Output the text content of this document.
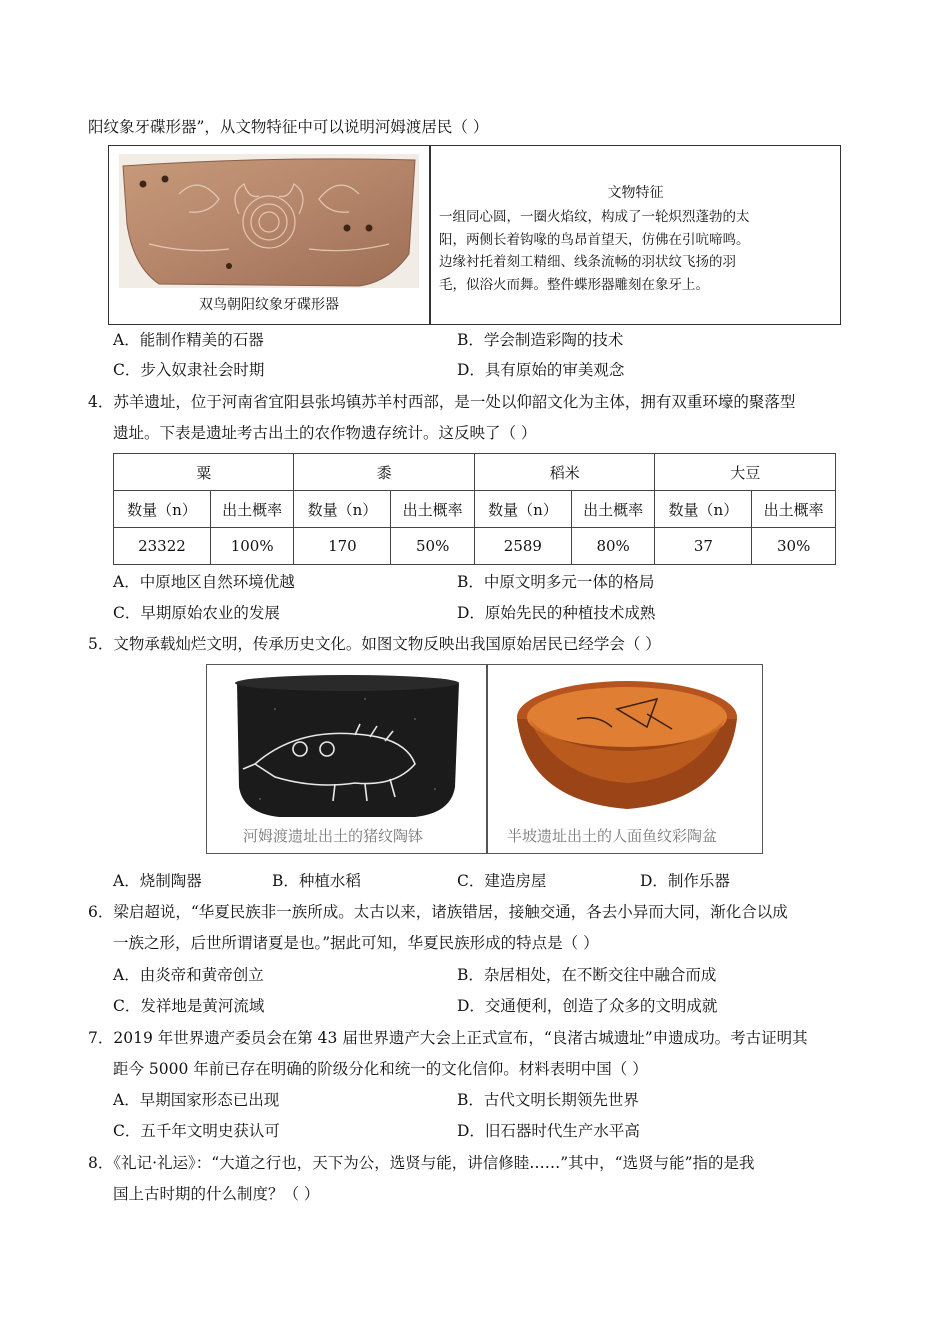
阳纹象牙碟形器”，从文物特征中可以说明河姆渡居民（ ）
双鸟朝阳纹象牙碟形器
文物特征
一组同心圆，一圈火焰纹，构成了一轮炽烈蓬勃的太
阳，两侧长着钩喙的鸟昂首望天，仿佛在引吭啼鸣。
边缘衬托着刻工精细、线条流畅的羽状纹飞扬的羽
毛，似浴火而舞。整件蝶形器雕刻在象牙上。
A．能制作精美的石器	B．学会制造彩陶的技术
C．步入奴隶社会时期	D．具有原始的审美观念
4．苏羊遗址，位于河南省宜阳县张坞镇苏羊村西部，是一处以仰韶文化为主体，拥有双重环壕的聚落型
遗址。下表是遗址考古出土的农作物遗存统计。这反映了（ ）
粟		黍		稻米		大豆	
数量（n）	出土概率	数量（n）	出土概率	数量（n）	出土概率	数量（n）	出土概率
23322	100%	170	50%	2589	80%	37	30%
A．中原地区自然环境优越	B．中原文明多元一体的格局
C．早期原始农业的发展	D．原始先民的种植技术成熟
5．文物承载灿烂文明，传承历史文化。如图文物反映出我国原始居民已经学会（ ）
河姆渡遗址出土的猪纹陶钵	半坡遗址出土的人面鱼纹彩陶盆
A．烧制陶器	B．种植水稻	C．建造房屋	D．制作乐器
6．梁启超说，“华夏民族非一族所成。太古以来，诸族错居，接触交通，各去小异而大同，渐化合以成
一族之形，后世所谓诸夏是也。”据此可知，华夏民族形成的特点是（ ）
A．由炎帝和黄帝创立	B．杂居相处，在不断交往中融合而成
C．发祥地是黄河流域	D．交通便利，创造了众多的文明成就
7．2019 年世界遗产委员会在第 43 届世界遗产大会上正式宣布，“良渚古城遗址”申遗成功。考古证明其
距今 5000 年前已存在明确的阶级分化和统一的文化信仰。材料表明中国（ ）
A．早期国家形态已出现	B．古代文明长期领先世界
C．五千年文明史获认可	D．旧石器时代生产水平高
8．《礼记·礼运》：“大道之行也，天下为公，选贤与能，讲信修睦……”其中，“选贤与能”指的是我
国上古时期的什么制度？（ ）
